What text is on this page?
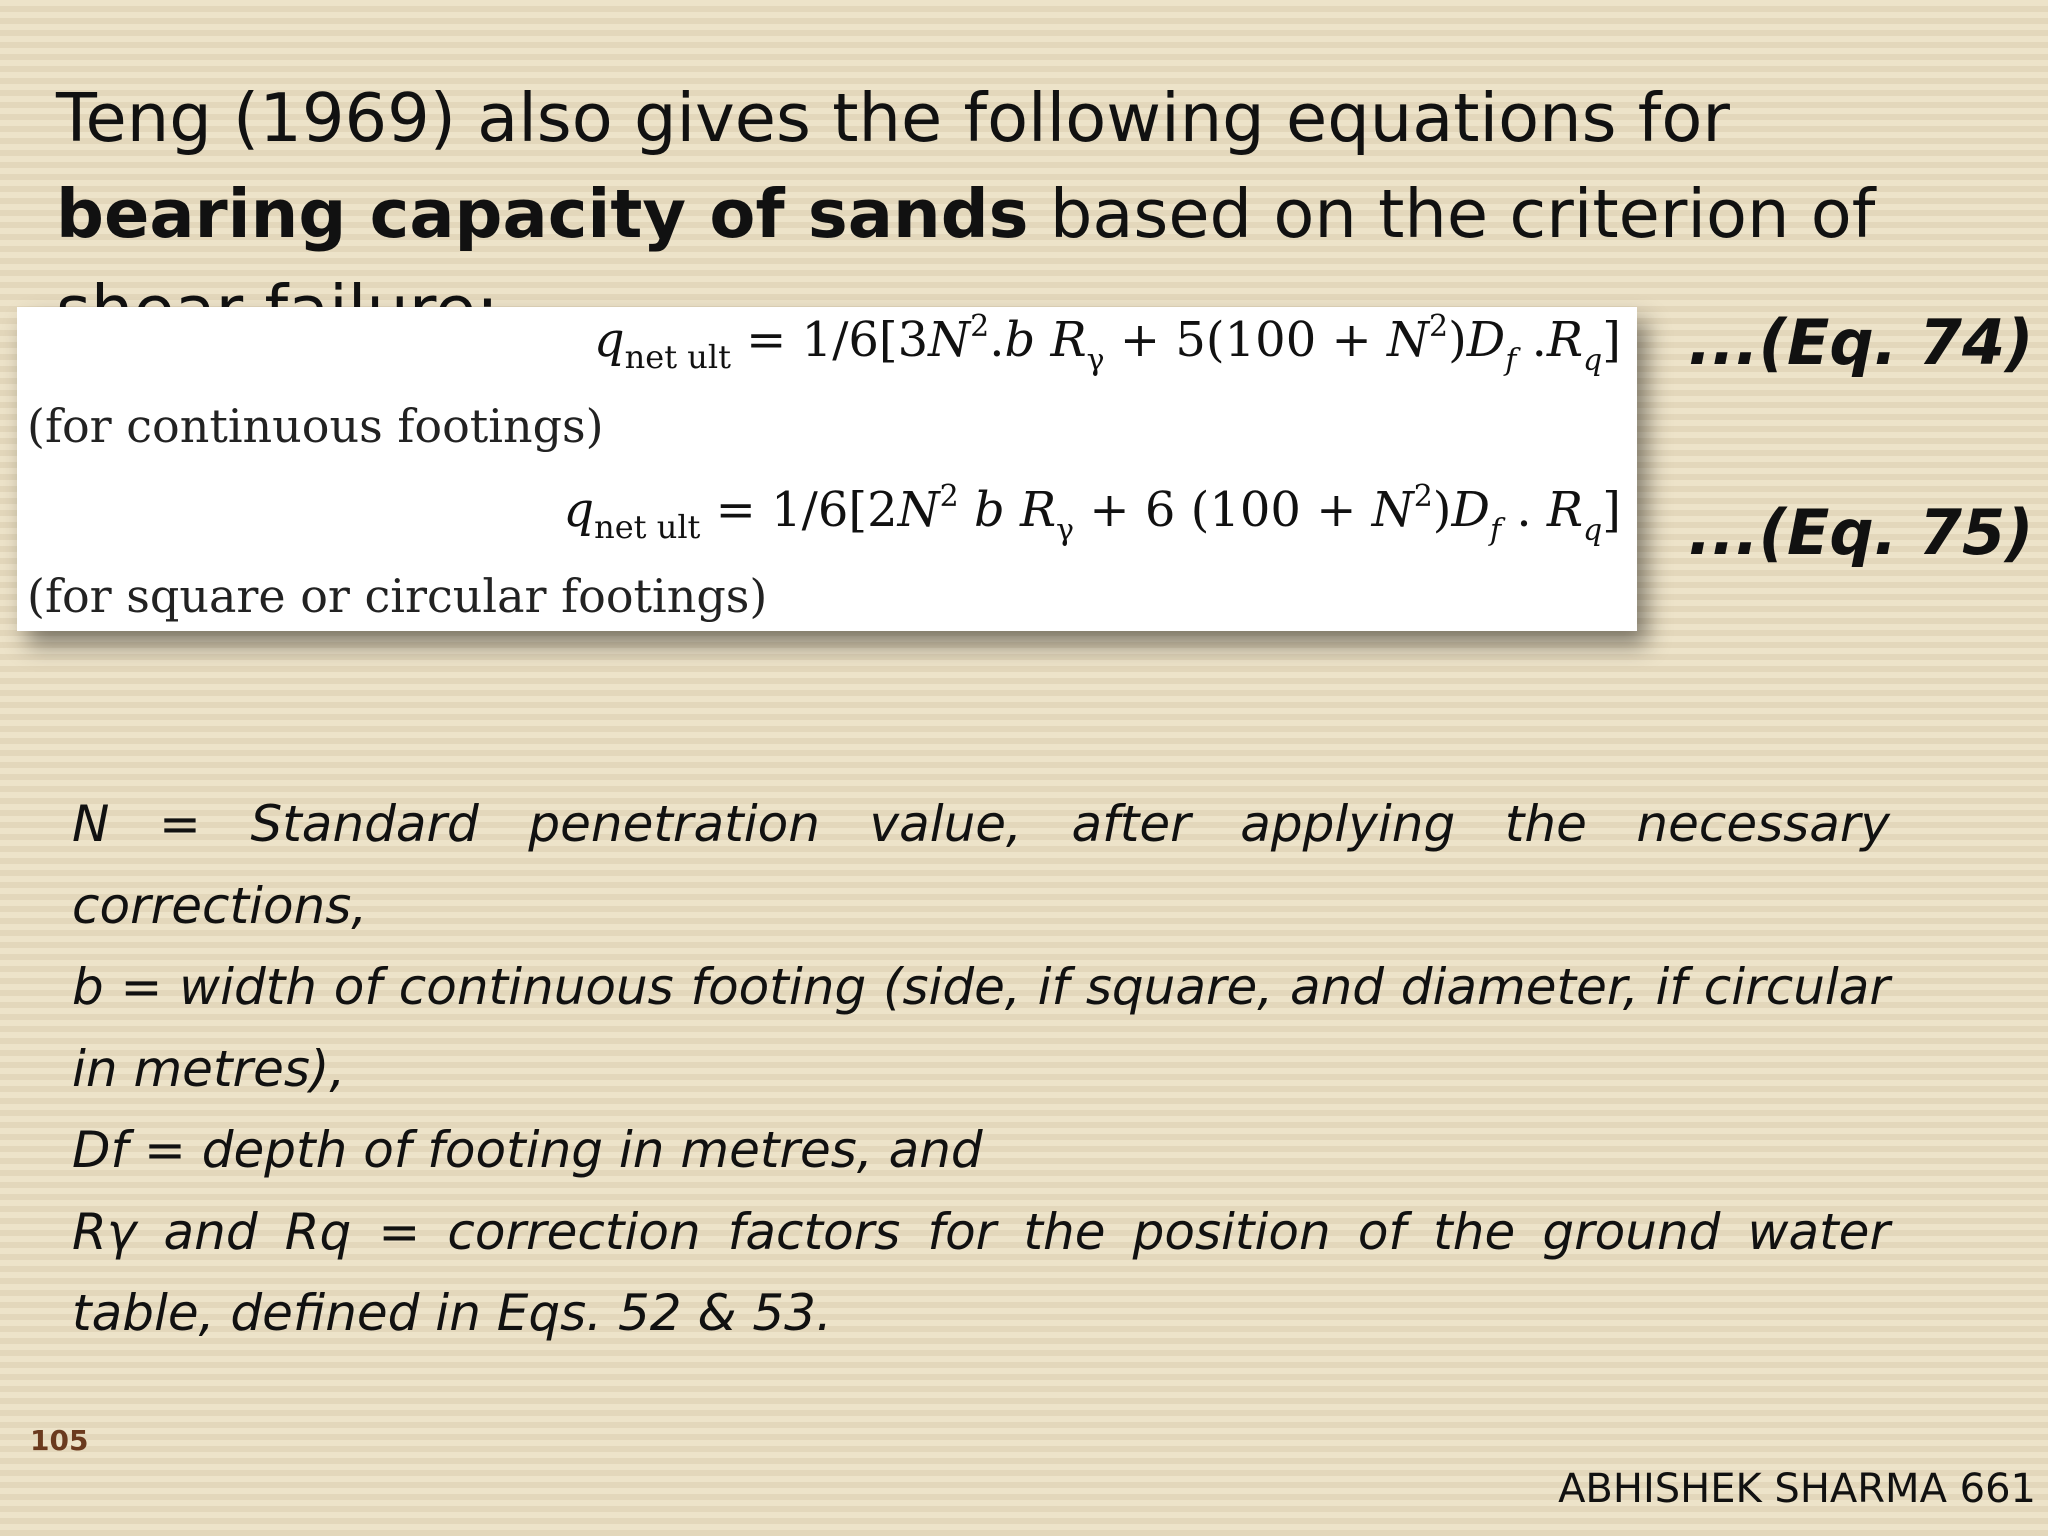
Teng (1969) also gives the following equations for bearing capacity of sands based on the criterion of
$q_{net ult} = 1/6[3N^2.b$ $R_\gamma + 5(100 + N^2)D_f$ $.R_q$]
(for continuous footings)
$q_{net ult} = 1/6[2N^2$ b $R_\gamma + 6$ $(100 + N^2)D_f$ . $R_q$]
(for square or circular footings)
...(Eq. 74)
...(Eq. 75)

N = Standard penetration value, after applying the necessary corrections,

b = width of continuous footing (side, if square, and diameter, if circular in metres),

Df = depth of footing in metres, and

Rγ and Rq = correction factors for the position of the ground water table, defined in Eqs. 52 & 53.

105
ABHISHEK SHARMA 661
